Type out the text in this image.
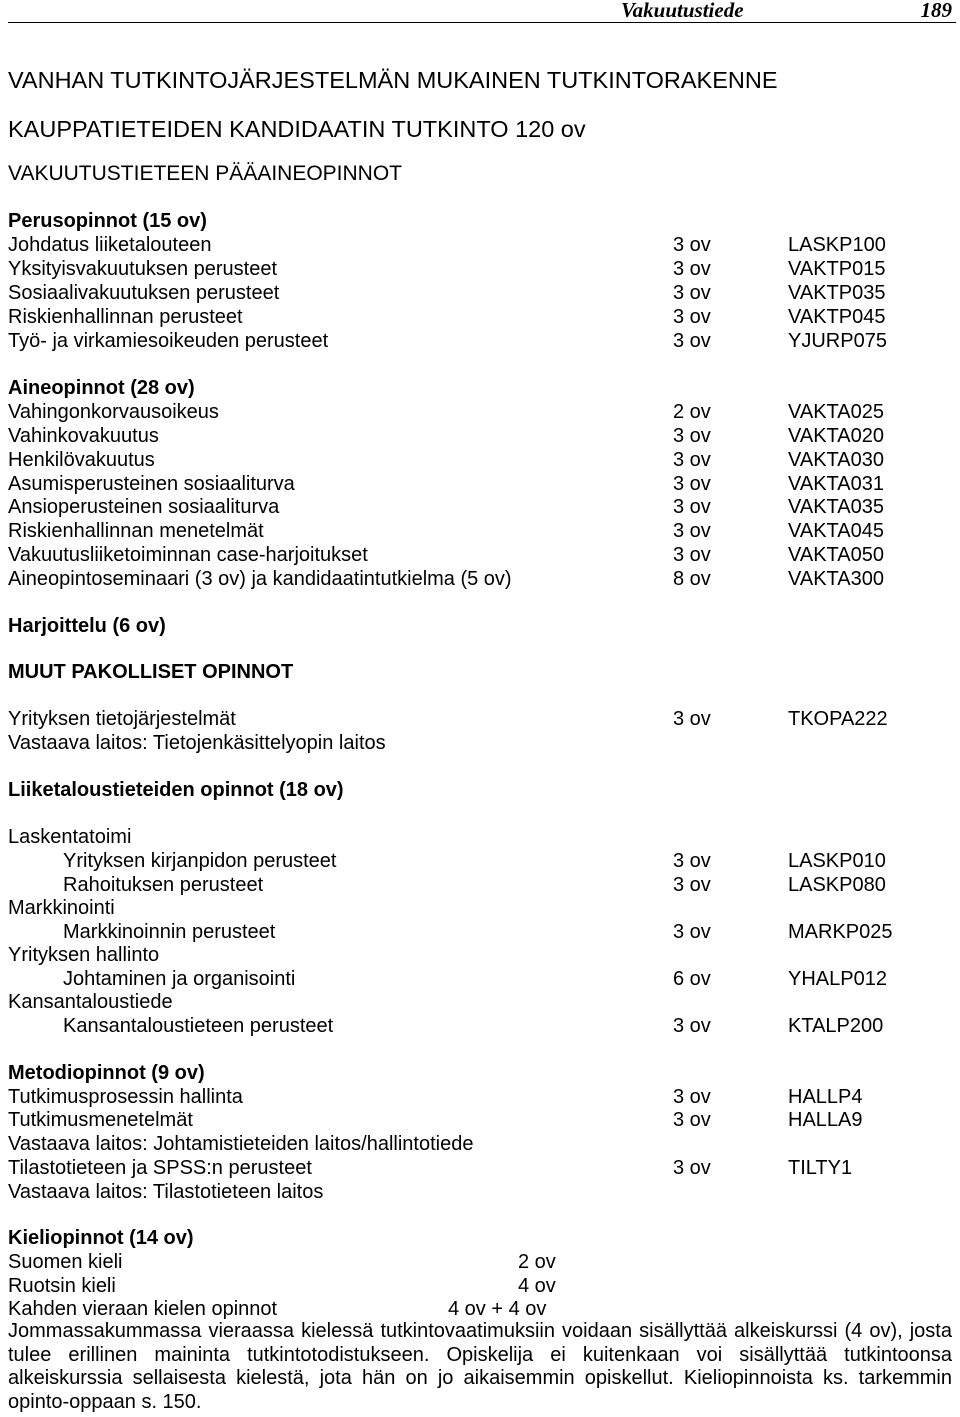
Vakuutustiede	189
VANHAN TUTKINTOJÄRJESTELMÄN MUKAINEN TUTKINTORAKENNE
KAUPPATIETEIDEN KANDIDAATIN TUTKINTO 120 ov
VAKUUTUSTIETEEN PÄÄAINEOPINNOT
Perusopinnot (15 ov)
Johdatus liiketalouteen	3 ov	LASKP100
Yksityisvakuutuksen perusteet	3 ov	VAKTP015
Sosiaalivakuutuksen perusteet	3 ov	VAKTP035
Riskienhallinnan perusteet	3 ov	VAKTP045
Työ- ja virkamiesoikeuden perusteet	3 ov	YJURP075
Aineopinnot (28 ov)
Vahingonkorvausoikeus	2 ov	VAKTA025
Vahinkovakuutus	3 ov	VAKTA020
Henkilövakuutus	3 ov	VAKTA030
Asumisperusteinen sosiaaliturva	3 ov	VAKTA031
Ansioperusteinen sosiaaliturva	3 ov	VAKTA035
Riskienhallinnan menetelmät	3 ov	VAKTA045
Vakuutusliiketoiminnan case-harjoitukset	3 ov	VAKTA050
Aineopintoseminaari (3 ov) ja kandidaatintutkielma (5 ov)	8 ov	VAKTA300
Harjoittelu (6 ov)
MUUT PAKOLLISET OPINNOT
Yrityksen tietojärjestelmät	3 ov	TKOPA222
Vastaava laitos: Tietojenkäsittelyopin laitos
Liiketaloustieteiden opinnot (18 ov)
Laskentatoimi
Yrityksen kirjanpidon perusteet	3 ov	LASKP010
Rahoituksen perusteet	3 ov	LASKP080
Markkinointi
Markkinoinnin perusteet	3 ov	MARKP025
Yrityksen hallinto
Johtaminen ja organisointi	6 ov	YHALP012
Kansantaloustiede
Kansantaloustieteen perusteet	3 ov	KTALP200
Metodiopinnot (9 ov)
Tutkimusprosessin hallinta	3 ov	HALLP4
Tutkimusmenetelmät	3 ov	HALLA9
Vastaava laitos: Johtamistieteiden laitos/hallintotiede
Tilastotieteen ja SPSS:n perusteet	3 ov	TILTY1
Vastaava laitos: Tilastotieteen laitos
Kieliopinnot (14 ov)
Suomen kieli	2 ov
Ruotsin kieli	4 ov
Kahden vieraan kielen opinnot	4 ov + 4 ov
Jommassakummassa vieraassa kielessä tutkintovaatimuksiin voidaan sisällyttää alkeiskurssi (4 ov), josta tulee erillinen maininta tutkintotodistukseen. Opiskelija ei kuitenkaan voi sisällyttää tutkintoonsa alkeiskurssia sellaisesta kielestä, jota hän on jo aikaisemmin opiskellut. Kieliopinnoista ks. tarkemmin opinto-oppaan s. 150.
